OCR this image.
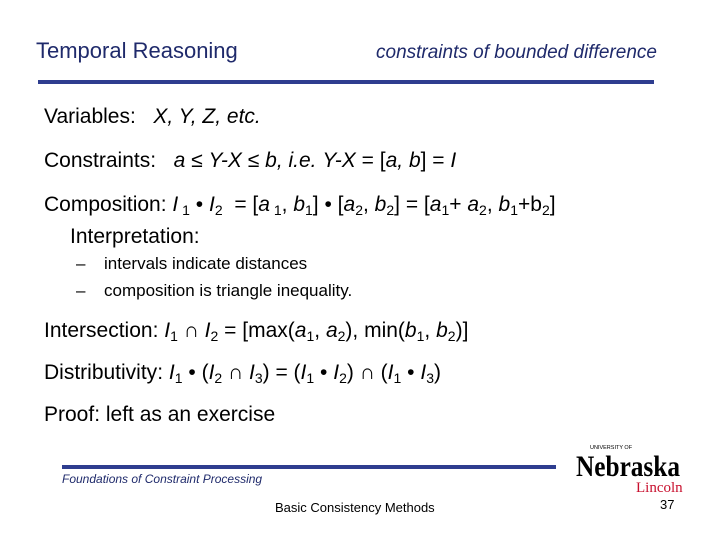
Temporal Reasoning	constraints of bounded difference
Variables: X, Y, Z, etc.
Constraints: a ≤ Y-X ≤ b, i.e. Y-X = [a, b] = I
Composition: I $_1$ • $I_2 = [a$ $_1$, $b_1$] • [$a_2$, $b_2] = [a_1+ a_2$, $b_1+b_2$]
Interpretation:
– intervals indicate distances
– composition is triangle inequality.
Intersection: $I_1$ ∩ $I_2 = [\max(a_1$, $a_2$), $\min(b_1$, $b_2$)]
Distributivity: $I_1$ • ($I_2$ ∩ $I_3) = (I_1$ • $I_2$) ∩ ($I_1$ • $I_3$)
Proof: left as an exercise
Foundations of Constraint Processing
Basic Consistency Methods	37
UNIVERSITY OF
Nebraska
Lincoln
